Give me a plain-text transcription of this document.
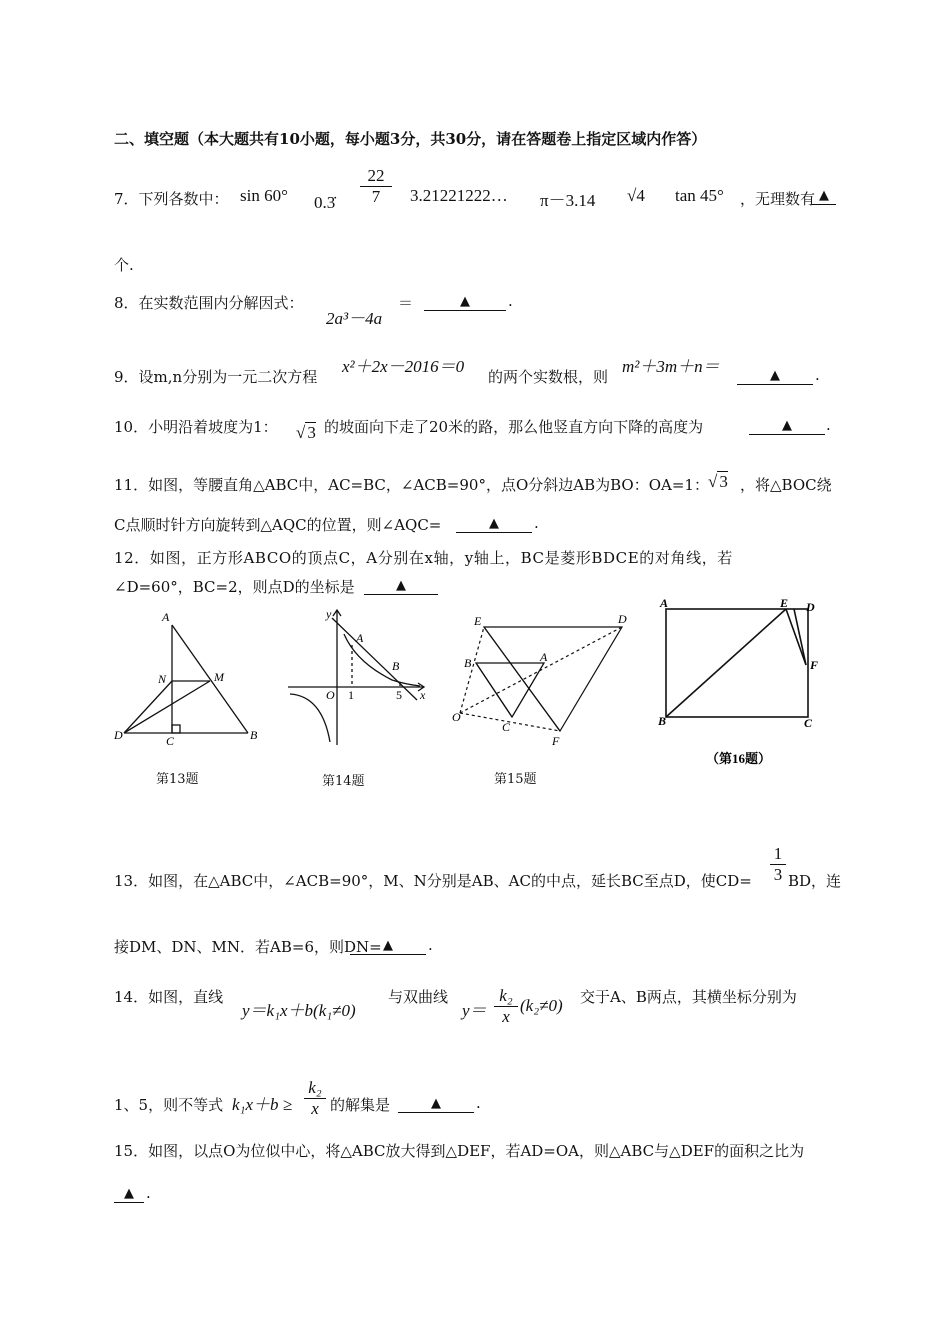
二、填空题（本大题共有10小题，每小题3分，共30分，请在答题卷上指定区域内作答）
7．下列各数中： sin 60° 0.3̇
22
7	3.21221222… π－3.14 √4 tan 45° ，无理数有 ▲
个.
8．在实数范围内分解因式：
2a³－4a
＝	▲	.
9．设m,n分别为一元二次方程
x²＋2x－2016＝0
的两个实数根，则
m²＋3m＋n＝	▲	.
10．小明沿着坡度为1： √ 3 的坡面向下走了20米的路，那么他竖直方向下降的高度为	▲	.
11．如图，等腰直角△ABC中，AC=BC，∠ACB=90°，点O分斜边AB为BO：OA=1： √ 3 ，将△BOC绕
C点顺时针方向旋转到△AQC的位置，则∠AQC=	▲	.
12．如图，正方形ABCO的顶点C，A分别在x轴，y轴上，BC是菱形BDCE的对角线，若
∠D=60°，BC=2，则点D的坐标是	▲
A
N	M
D	C	B
y
A
B
O 1	5 x
E	D
B	A
O
C
F
A	E D
F
B	C
（第16题）
第13题	第14题	第15题
13．如图，在△ABC中，∠ACB=90°，M、N分别是AB、AC的中点，延长BC至点D，使CD=
1
3 BD，连
接DM、DN、MN．若AB=6，则DN= ▲	.
14．如图，直线
y＝k₁x＋b(k₁≠0)
与双曲线
y＝
k₂
x
(k₂≠0) 交于A、B两点，其横坐标分别为
1、5，则不等式 k₁x＋b ≥
k₂
x 的解集是	▲	.
15．如图，以点O为位似中心，将△ABC放大得到△DEF，若AD=OA，则△ABC与△DEF的面积之比为
▲ .
